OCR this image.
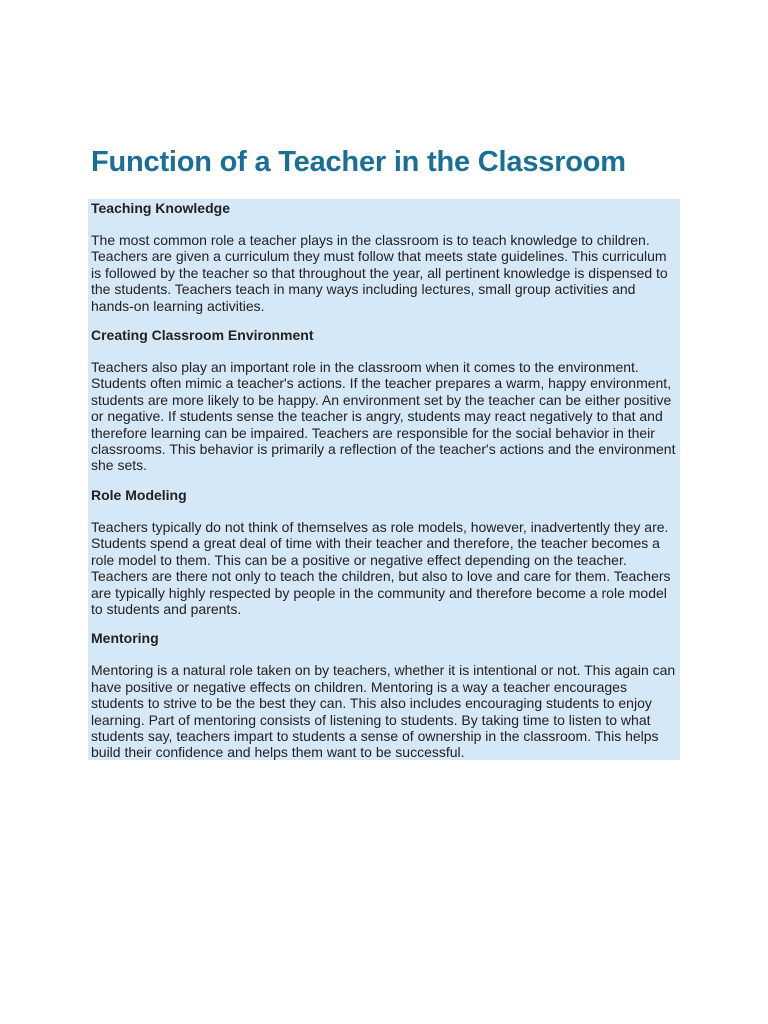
Function of a Teacher in the Classroom
Teaching Knowledge

The most common role a teacher plays in the classroom is to teach knowledge to children. Teachers are given a curriculum they must follow that meets state guidelines. This curriculum is followed by the teacher so that throughout the year, all pertinent knowledge is dispensed to the students. Teachers teach in many ways including lectures, small group activities and hands-on learning activities.

Creating Classroom Environment

Teachers also play an important role in the classroom when it comes to the environment. Students often mimic a teacher's actions. If the teacher prepares a warm, happy environment, students are more likely to be happy. An environment set by the teacher can be either positive or negative. If students sense the teacher is angry, students may react negatively to that and therefore learning can be impaired. Teachers are responsible for the social behavior in their classrooms. This behavior is primarily a reflection of the teacher's actions and the environment she sets.

Role Modeling

Teachers typically do not think of themselves as role models, however, inadvertently they are. Students spend a great deal of time with their teacher and therefore, the teacher becomes a role model to them. This can be a positive or negative effect depending on the teacher. Teachers are there not only to teach the children, but also to love and care for them. Teachers are typically highly respected by people in the community and therefore become a role model to students and parents.

Mentoring

Mentoring is a natural role taken on by teachers, whether it is intentional or not. This again can have positive or negative effects on children. Mentoring is a way a teacher encourages students to strive to be the best they can. This also includes encouraging students to enjoy learning. Part of mentoring consists of listening to students. By taking time to listen to what students say, teachers impart to students a sense of ownership in the classroom. This helps build their confidence and helps them want to be successful.
